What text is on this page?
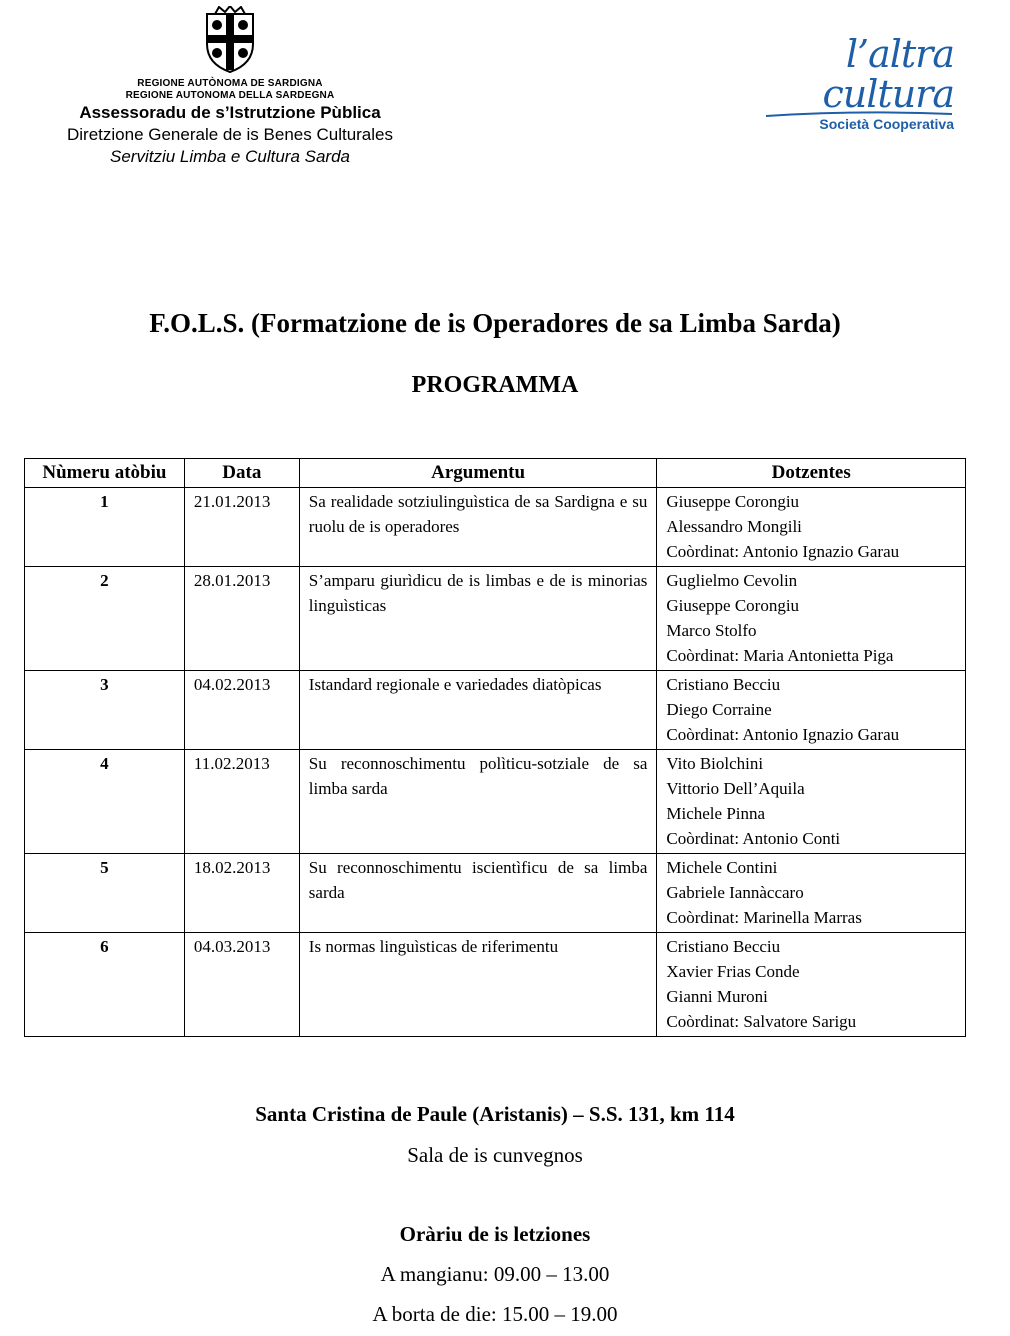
REGIONE AUTÒNOMA DE SARDIGNA
REGIONE AUTONOMA DELLA SARDEGNA
Assessoradu de s’Istrutzione Pùblica
Diretzione Generale de is Benes Culturales
Servitziu Limba e Cultura Sarda
l’altra cultura
Società Cooperativa
F.O.L.S. (Formatzione de is Operadores de sa Limba Sarda)
PROGRAMMA
Nùmeru atòbiu	Data	Argumentu	Dotzentes
1	21.01.2013	Sa realidade sotziulinguìstica de sa Sardigna e su ruolu de is operadores	Giuseppe Corongiu
Alessandro Mongili
Coòrdinat: Antonio Ignazio Garau

2	28.01.2013	S’amparu giurìdicu de is limbas e de is minorias linguìsticas	Guglielmo Cevolin
Giuseppe Corongiu
Marco Stolfo
Coòrdinat: Maria Antonietta Piga

3	04.02.2013	Istandard regionale e variedades diatòpicas	Cristiano Becciu
Diego Corraine
Coòrdinat: Antonio Ignazio Garau

4	11.02.2013	Su reconnoschimentu polìticu-sotziale de sa limba sarda	Vito Biolchini
Vittorio Dell’Aquila
Michele Pinna
Coòrdinat: Antonio Conti

5	18.02.2013	Su reconnoschimentu iscientìficu de sa limba sarda	Michele Contini
Gabriele Iannàccaro
Coòrdinat: Marinella Marras

6	04.03.2013	Is normas linguìsticas de riferimentu	Cristiano Becciu
Xavier Frias Conde
Gianni Muroni
Coòrdinat: Salvatore Sarigu
Santa Cristina de Paule (Aristanis) – S.S. 131, km 114
Sala de is cunvegnos
Oràriu de is letziones
A mangianu: 09.00 – 13.00
A borta de die: 15.00 – 19.00
